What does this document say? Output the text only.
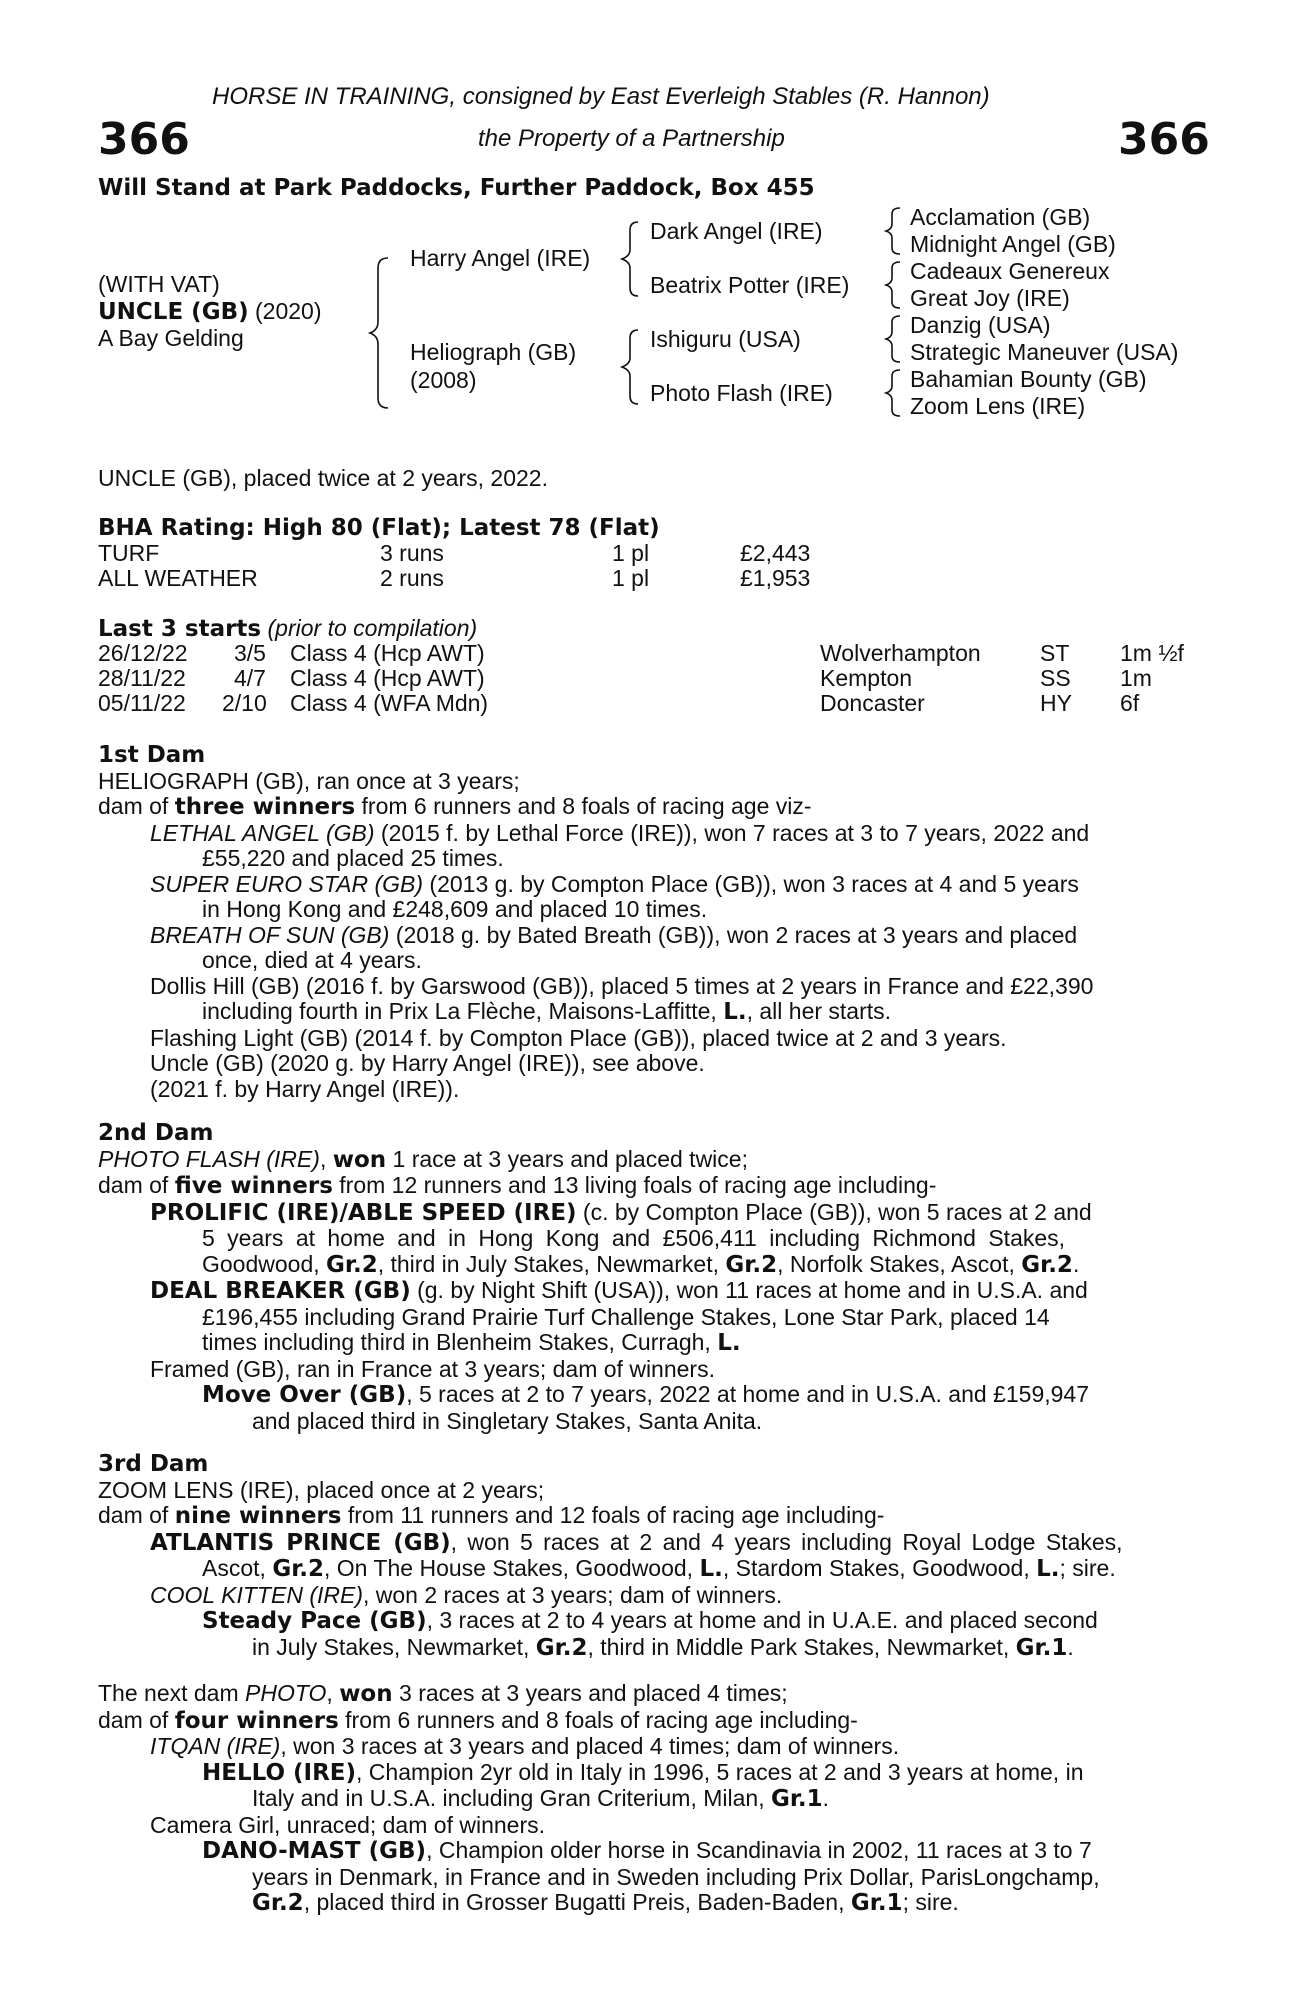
HORSE IN TRAINING, consigned by East Everleigh Stables (R. Hannon)
366	the Property of a Partnership	366
Will Stand at Park Paddocks, Further Paddock, Box 455
(WITH VAT)
UNCLE (GB) (2020)
A Bay Gelding
Harry Angel (IRE)
Heliograph (GB)
(2008)
Dark Angel (IRE)
Beatrix Potter (IRE)
Ishiguru (USA)
Photo Flash (IRE)
Acclamation (GB)
Midnight Angel (GB)
Cadeaux Genereux
Great Joy (IRE)
Danzig (USA)
Strategic Maneuver (USA)
Bahamian Bounty (GB)
Zoom Lens (IRE)
UNCLE (GB), placed twice at 2 years, 2022.
BHA Rating: High 80 (Flat); Latest 78 (Flat)
TURF	3 runs	1 pl	£2,443
ALL WEATHER	2 runs	1 pl	£1,953
Last 3 starts (prior to compilation)
26/12/22 3/5 Class 4 (Hcp AWT)	Wolverhampton	ST 1m ½f
28/11/22 4/7 Class 4 (Hcp AWT)	Kempton	SS 1m
05/11/22 2/10 Class 4 (WFA Mdn)	Doncaster	HY 6f
1st Dam
HELIOGRAPH (GB), ran once at 3 years;
dam of three winners from 6 runners and 8 foals of racing age viz-
LETHAL ANGEL (GB) (2015 f. by Lethal Force (IRE)), won 7 races at 3 to 7 years, 2022 and
£55,220 and placed 25 times.
SUPER EURO STAR (GB) (2013 g. by Compton Place (GB)), won 3 races at 4 and 5 years
in Hong Kong and £248,609 and placed 10 times.
BREATH OF SUN (GB) (2018 g. by Bated Breath (GB)), won 2 races at 3 years and placed
once, died at 4 years.
Dollis Hill (GB) (2016 f. by Garswood (GB)), placed 5 times at 2 years in France and £22,390
including fourth in Prix La Flèche, Maisons-Laffitte, L., all her starts.
Flashing Light (GB) (2014 f. by Compton Place (GB)), placed twice at 2 and 3 years.
Uncle (GB) (2020 g. by Harry Angel (IRE)), see above.
(2021 f. by Harry Angel (IRE)).
2nd Dam
PHOTO FLASH (IRE), won 1 race at 3 years and placed twice;
dam of five winners from 12 runners and 13 living foals of racing age including-
PROLIFIC (IRE)/ABLE SPEED (IRE) (c. by Compton Place (GB)), won 5 races at 2 and
5 years at home and in Hong Kong and £506,411 including Richmond Stakes,
Goodwood, Gr.2, third in July Stakes, Newmarket, Gr.2, Norfolk Stakes, Ascot, Gr.2.
DEAL BREAKER (GB) (g. by Night Shift (USA)), won 11 races at home and in U.S.A. and
£196,455 including Grand Prairie Turf Challenge Stakes, Lone Star Park, placed 14
times including third in Blenheim Stakes, Curragh, L.
Framed (GB), ran in France at 3 years; dam of winners.
Move Over (GB), 5 races at 2 to 7 years, 2022 at home and in U.S.A. and £159,947
and placed third in Singletary Stakes, Santa Anita.
3rd Dam
ZOOM LENS (IRE), placed once at 2 years;
dam of nine winners from 11 runners and 12 foals of racing age including-
ATLANTIS PRINCE (GB), won 5 races at 2 and 4 years including Royal Lodge Stakes,
Ascot, Gr.2, On The House Stakes, Goodwood, L., Stardom Stakes, Goodwood, L.; sire.
COOL KITTEN (IRE), won 2 races at 3 years; dam of winners.
Steady Pace (GB), 3 races at 2 to 4 years at home and in U.A.E. and placed second
in July Stakes, Newmarket, Gr.2, third in Middle Park Stakes, Newmarket, Gr.1.
The next dam PHOTO, won 3 races at 3 years and placed 4 times;
dam of four winners from 6 runners and 8 foals of racing age including-
ITQAN (IRE), won 3 races at 3 years and placed 4 times; dam of winners.
HELLO (IRE), Champion 2yr old in Italy in 1996, 5 races at 2 and 3 years at home, in
Italy and in U.S.A. including Gran Criterium, Milan, Gr.1.
Camera Girl, unraced; dam of winners.
DANO-MAST (GB), Champion older horse in Scandinavia in 2002, 11 races at 3 to 7
years in Denmark, in France and in Sweden including Prix Dollar, ParisLongchamp,
Gr.2, placed third in Grosser Bugatti Preis, Baden-Baden, Gr.1; sire.
